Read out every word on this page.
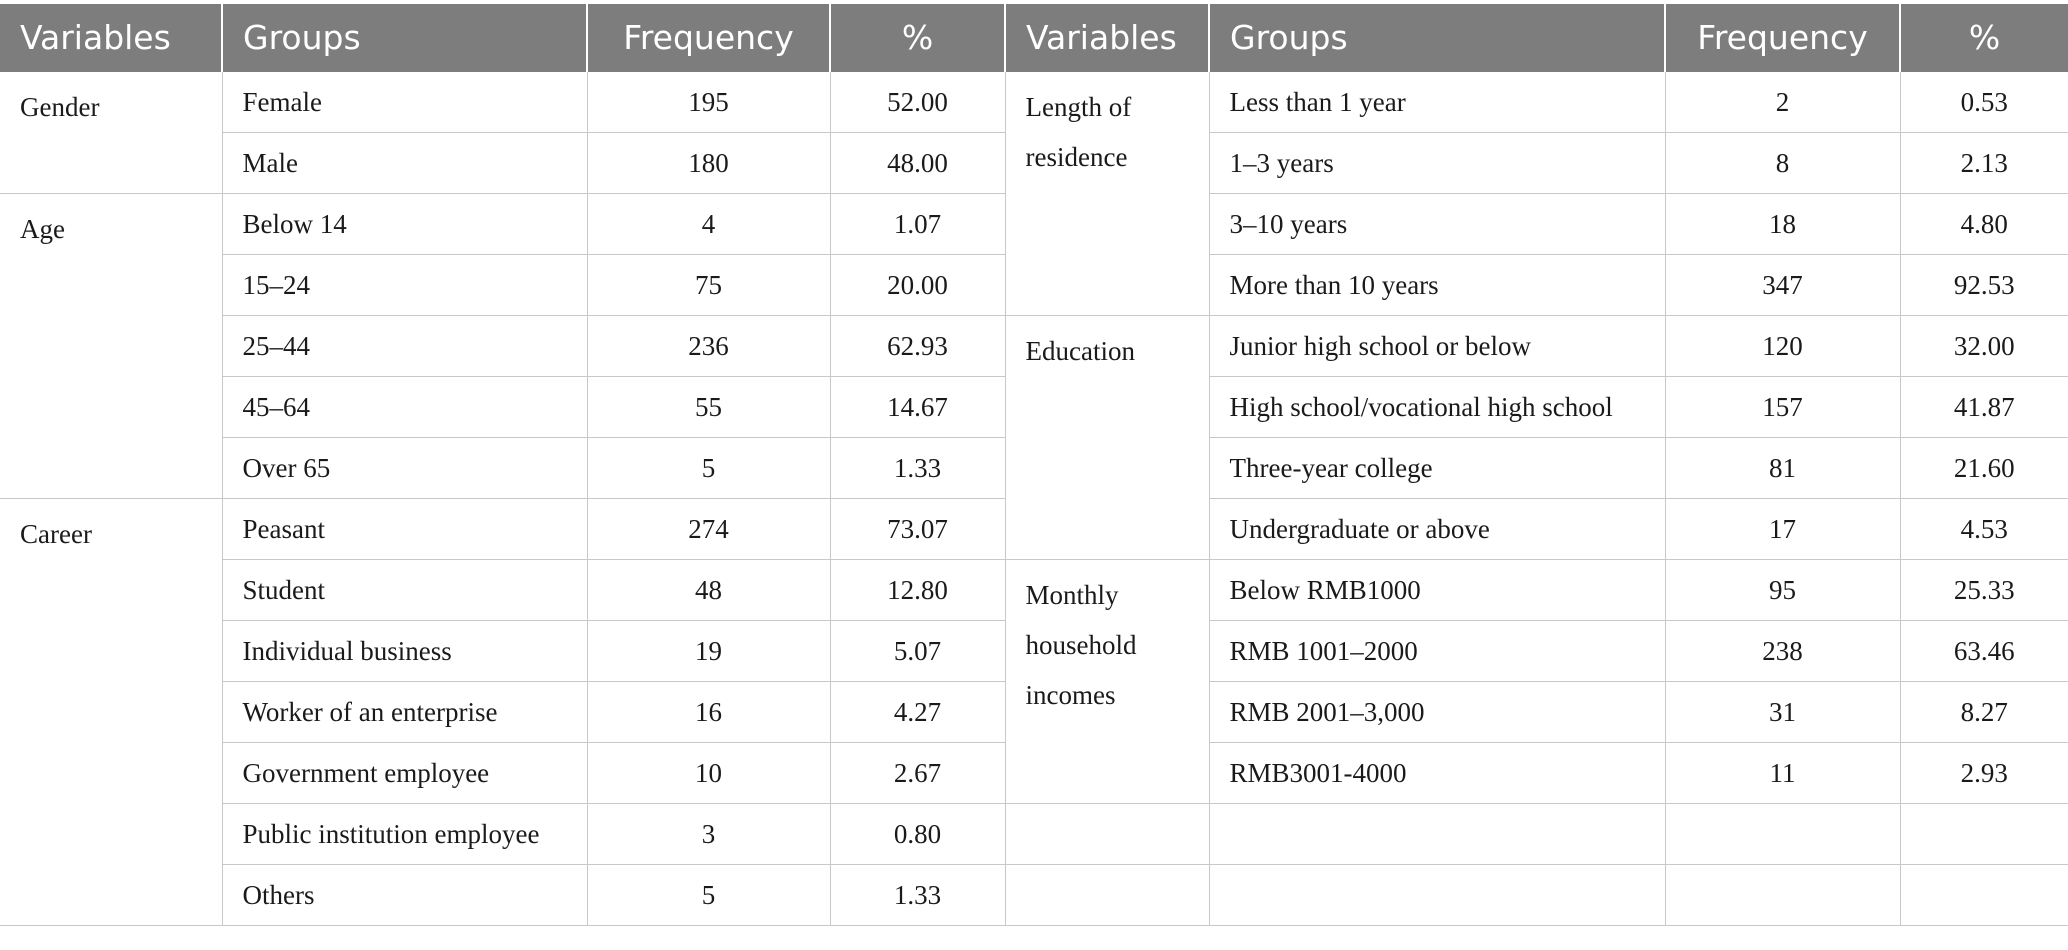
Variables	Groups	Frequency	%	Variables	Groups	Frequency	%
Gender	Female	195	52.00	Length of residence	Less than 1 year	2	0.53
	Male	180	48.00		1–3 years	8	2.13
Age	Below 14	4	1.07		3–10 years	18	4.80
	15–24	75	20.00		More than 10 years	347	92.53
	25–44	236	62.93	Education	Junior high school or below	120	32.00
	45–64	55	14.67		High school/vocational high school	157	41.87
	Over 65	5	1.33		Three-year college	81	21.60
Career	Peasant	274	73.07		Undergraduate or above	17	4.53
	Student	48	12.80	Monthly household incomes	Below RMB1000	95	25.33
	Individual business	19	5.07		RMB 1001–2000	238	63.46
	Worker of an enterprise	16	4.27		RMB 2001–3,000	31	8.27
	Government employee	10	2.67		RMB3001-4000	11	2.93
	Public institution employee	3	0.80				
	Others	5	1.33				
